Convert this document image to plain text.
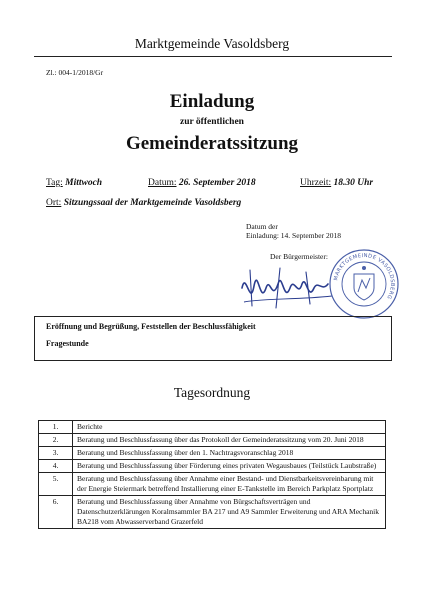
Marktgemeinde Vasoldsberg
Zl.: 004-1/2018/Gr
Einladung
zur öffentlichen
Gemeinderatssitzung
Tag: Mittwoch	Datum: 26. September 2018	Uhrzeit: 18.30 Uhr
Ort: Sitzungssaal der Marktgemeinde Vasoldsberg
Datum der
Einladung: 14. September 2018
Der Bürgermeister:
MARKTGEMEINDE VASOLDSBERG
Eröffnung und Begrüßung, Feststellen der Beschlussfähigkeit
Fragestunde
Tagesordnung
1.	Berichte
2.	Beratung und Beschlussfassung über das Protokoll der Gemeinderatssitzung vom 20. Juni 2018
3.	Beratung und Beschlussfassung über den 1. Nachtragsvoranschlag 2018
4.	Beratung und Beschlussfassung über Förderung eines privaten Wegausbaues (Teilstück Laubstraße)
5.	Beratung und Beschlussfassung über Annahme einer Bestand- und Dienstbarkeitsvereinbarung mit der Energie Steiermark betreffend Installierung einer E-Tankstelle im Bereich Parkplatz Sportplatz
6.	Beratung und Beschlussfassung über Annahme von Bürgschaftsverträgen und Datenschutzerklärungen Koralmsammler BA 217 und A9 Sammler Erweiterung und ARA Mechanik BA218 vom Abwasserverband Grazerfeld
